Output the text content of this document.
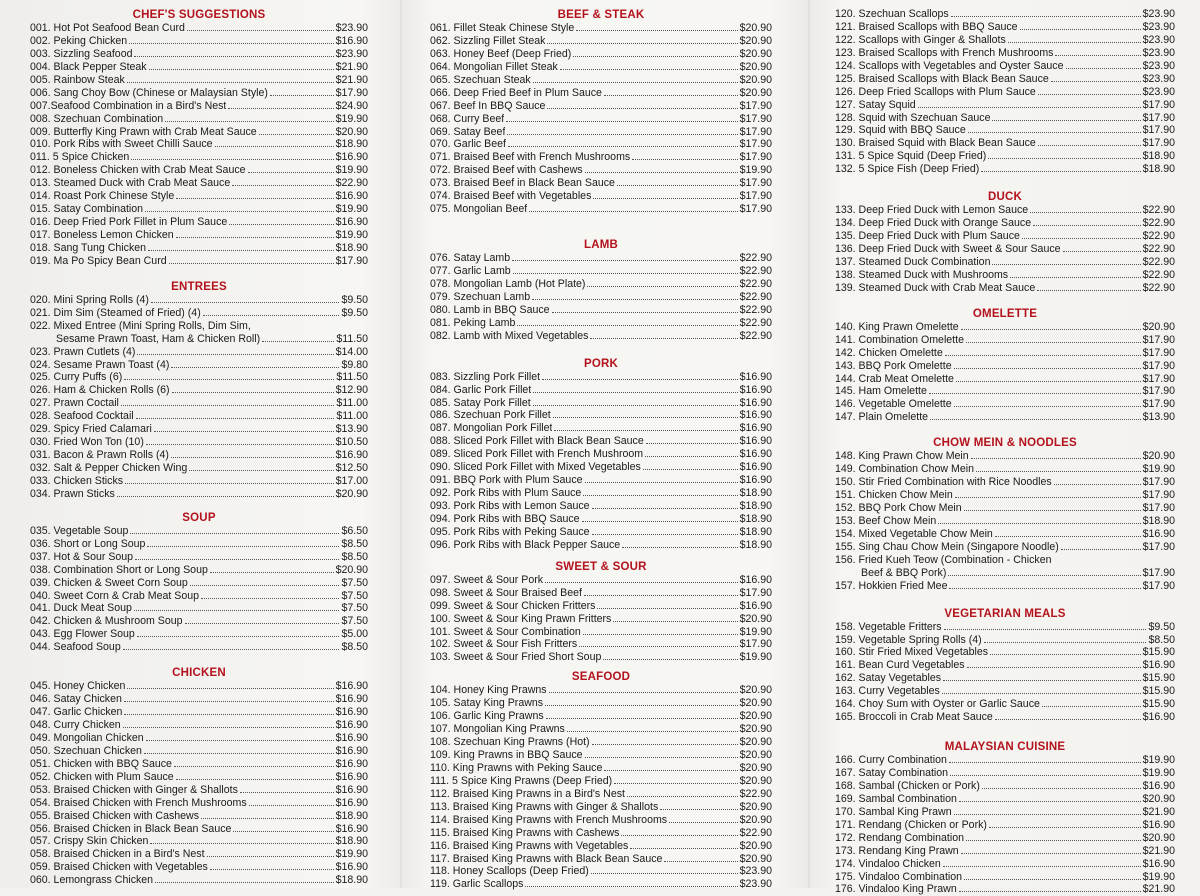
CHEF'S SUGGESTIONS
001. Hot Pot Seafood Bean Curd	$23.90
002. Peking Chicken	$16.90
003. Sizzling Seafood	$23.90
004. Black Pepper Steak	$21.90
005. Rainbow Steak	$21.90
006. Sang Choy Bow (Chinese or Malaysian Style)	$17.90
007.Seafood Combination in a Bird's Nest	$24.90
008. Szechuan Combination	$19.90
009. Butterfly King Prawn with Crab Meat Sauce	$20.90
010. Pork Ribs with Sweet Chilli Sauce	$18.90
011. 5 Spice Chicken	$16.90
012. Boneless Chicken with Crab Meat Sauce	$19.90
013. Steamed Duck with Crab Meat Sauce	$22.90
014. Roast Pork Chinese Style	$16.90
015. Satay Combination	$19.90
016. Deep Fried Pork Fillet in Plum Sauce	$16.90
017. Boneless Lemon Chicken	$19.90
018. Sang Tung Chicken	$18.90
019. Ma Po Spicy Bean Curd	$17.90
ENTREES
020. Mini Spring Rolls (4)	$9.50
021. Dim Sim (Steamed of Fried) (4)	$9.50
022. Mixed Entree (Mini Spring Rolls, Dim Sim,
Sesame Prawn Toast, Ham & Chicken Roll)	$11.50
023. Prawn Cutlets (4)	$14.00
024. Sesame Prawn Toast (4)	$9.80
025. Curry Puffs (6)	$11.50
026. Ham & Chicken Rolls (6)	$12.90
027. Prawn Coctail	$11.00
028. Seafood Cocktail	$11.00
029. Spicy Fried Calamari	$13.90
030. Fried Won Ton (10)	$10.50
031. Bacon & Prawn Rolls (4)	$16.90
032. Salt & Pepper Chicken Wing	$12.50
033. Chicken Sticks	$17.00
034. Prawn Sticks	$20.90
SOUP
035. Vegetable Soup	$6.50
036. Short or Long Soup	$8.50
037. Hot & Sour Soup	$8.50
038. Combination Short or Long Soup	$20.90
039. Chicken & Sweet Corn Soup	$7.50
040. Sweet Corn & Crab Meat Soup	$7.50
041. Duck Meat Soup	$7.50
042. Chicken & Mushroom Soup	$7.50
043. Egg Flower Soup	$5.00
044. Seafood Soup	$8.50
CHICKEN
045. Honey Chicken	$16.90
046. Satay Chicken	$16.90
047. Garlic Chicken	$16.90
048. Curry Chicken	$16.90
049. Mongolian Chicken	$16.90
050. Szechuan Chicken	$16.90
051. Chicken with BBQ Sauce	$16.90
052. Chicken with Plum Sauce	$16.90
053. Braised Chicken with Ginger & Shallots	$16.90
054. Braised Chicken with French Mushrooms	$16.90
055. Braised Chicken with Cashews	$18.90
056. Braised Chicken in Black Bean Sauce	$16.90
057. Crispy Skin Chicken	$18.90
058. Braised Chicken in a Bird's Nest	$19.90
059. Braised Chicken with Vegetables	$16.90
060. Lemongrass Chicken	$18.90
BEEF & STEAK
061. Fillet Steak Chinese Style	$20.90
062. Sizzling Fillet Steak	$20.90
063. Honey Beef (Deep Fried)	$20.90
064. Mongolian Fillet Steak	$20.90
065. Szechuan Steak	$20.90
066. Deep Fried Beef in Plum Sauce	$20.90
067. Beef In BBQ Sauce	$17.90
068. Curry Beef	$17.90
069. Satay Beef	$17.90
070. Garlic Beef	$17.90
071. Braised Beef with French Mushrooms	$17.90
072. Braised Beef with Cashews	$19.90
073. Braised Beef in Black Bean Sauce	$17.90
074. Braised Beef with Vegetables	$17.90
075. Mongolian Beef	$17.90
LAMB
076. Satay Lamb	$22.90
077. Garlic Lamb	$22.90
078. Mongolian Lamb (Hot Plate)	$22.90
079. Szechuan Lamb	$22.90
080. Lamb in BBQ Sauce	$22.90
081. Peking Lamb	$22.90
082. Lamb with Mixed Vegetables	$22.90
PORK
083. Sizzling Pork Fillet	$16.90
084. Garlic Pork Fillet	$16.90
085. Satay Pork Fillet	$16.90
086. Szechuan Pork Fillet	$16.90
087. Mongolian Pork Fillet	$16.90
088. Sliced Pork Fillet with Black Bean Sauce	$16.90
089. Sliced Pork Fillet with French Mushroom	$16.90
090. Sliced Pork Fillet with Mixed Vegetables	$16.90
091. BBQ Pork with Plum Sauce	$16.90
092. Pork Ribs with Plum Sauce	$18.90
093. Pork Ribs with Lemon Sauce	$18.90
094. Pork Ribs with BBQ Sauce	$18.90
095. Pork Ribs with Peking Sauce	$18.90
096. Pork Ribs with Black Pepper Sauce	$18.90
SWEET & SOUR
097. Sweet & Sour Pork	$16.90
098. Sweet & Sour Braised Beef	$17.90
099. Sweet & Sour Chicken Fritters	$16.90
100. Sweet & Sour King Prawn Fritters	$20.90
101. Sweet & Sour Combination	$19.90
102. Sweet & Sour Fish Fritters	$17.90
103. Sweet & Sour Fried Short Soup	$19.90
SEAFOOD
104. Honey King Prawns	$20.90
105. Satay King Prawns	$20.90
106. Garlic King Prawns	$20.90
107. Mongolian King Prawns	$20.90
108. Szechuan King Prawns (Hot)	$20.90
109. King Prawns in BBQ Sauce	$20.90
110. King Prawns with Peking Sauce	$20.90
111. 5 Spice King Prawns (Deep Fried)	$20.90
112. Braised King Prawns in a Bird's Nest	$22.90
113. Braised King Prawns with Ginger & Shallots	$20.90
114. Braised King Prawns with French Mushrooms	$20.90
115. Braised King Prawns with Cashews	$22.90
116. Braised King Prawns with Vegetables	$20.90
117. Braised King Prawns with Black Bean Sauce	$20.90
118. Honey Scallops (Deep Fried)	$23.90
119. Garlic Scallops	$23.90
120. Szechuan Scallops	$23.90
121. Braised Scallops with BBQ Sauce	$23.90
122. Scallops with Ginger & Shallots	$23.90
123. Braised Scallops with French Mushrooms	$23.90
124. Scallops with Vegetables and Oyster Sauce	$23.90
125. Braised Scallops with Black Bean Sauce	$23.90
126. Deep Fried Scallops with Plum Sauce	$23.90
127. Satay Squid	$17.90
128. Squid with Szechuan Sauce	$17.90
129. Squid with BBQ Sauce	$17.90
130. Braised Squid with Black Bean Sauce	$17.90
131. 5 Spice Squid (Deep Fried)	$18.90
132. 5 Spice Fish (Deep Fried)	$18.90
DUCK
133. Deep Fried Duck with Lemon Sauce	$22.90
134. Deep Fried Duck with Orange Sauce	$22.90
135. Deep Fried Duck with Plum Sauce	$22.90
136. Deep Fried Duck with Sweet & Sour Sauce	$22.90
137. Steamed Duck Combination	$22.90
138. Steamed Duck with Mushrooms	$22.90
139. Steamed Duck with Crab Meat Sauce	$22.90
OMELETTE
140. King Prawn Omelette	$20.90
141. Combination Omelette	$17.90
142. Chicken Omelette	$17.90
143. BBQ Pork Omelette	$17.90
144. Crab Meat Omelette	$17.90
145. Ham Omelette	$17.90
146. Vegetable Omelette	$17.90
147. Plain Omelette	$13.90
CHOW MEIN & NOODLES
148. King Prawn Chow Mein	$20.90
149. Combination Chow Mein	$19.90
150. Stir Fried Combination with Rice Noodles	$17.90
151. Chicken Chow Mein	$17.90
152. BBQ Pork Chow Mein	$17.90
153. Beef Chow Mein	$18.90
154. Mixed Vegetable Chow Mein	$16.90
155. Sing Chau Chow Mein (Singapore Noodle)	$17.90
156. Fried Kueh Teow (Combination - Chicken
Beef & BBQ Pork)	$17.90
157. Hokkien Fried Mee	$17.90
VEGETARIAN MEALS
158. Vegetable Fritters	$9.50
159. Vegetable Spring Rolls (4)	$8.50
160. Stir Fried Mixed Vegetables	$15.90
161. Bean Curd Vegetables	$16.90
162. Satay Vegetables	$15.90
163. Curry Vegetables	$15.90
164. Choy Sum with Oyster or Garlic Sauce	$15.90
165. Broccoli in Crab Meat Sauce	$16.90
MALAYSIAN CUISINE
166. Curry Combination	$19.90
167. Satay Combination	$19.90
168. Sambal (Chicken or Pork)	$16.90
169. Sambal Combination	$20.90
170. Sambal King Prawn	$21.90
171. Rendang (Chicken or Pork)	$16.90
172. Rendang Combination	$20.90
173. Rendang King Prawn	$21.90
174. Vindaloo Chicken	$16.90
175. Vindaloo Combination	$19.90
176. Vindaloo King Prawn	$21.90
